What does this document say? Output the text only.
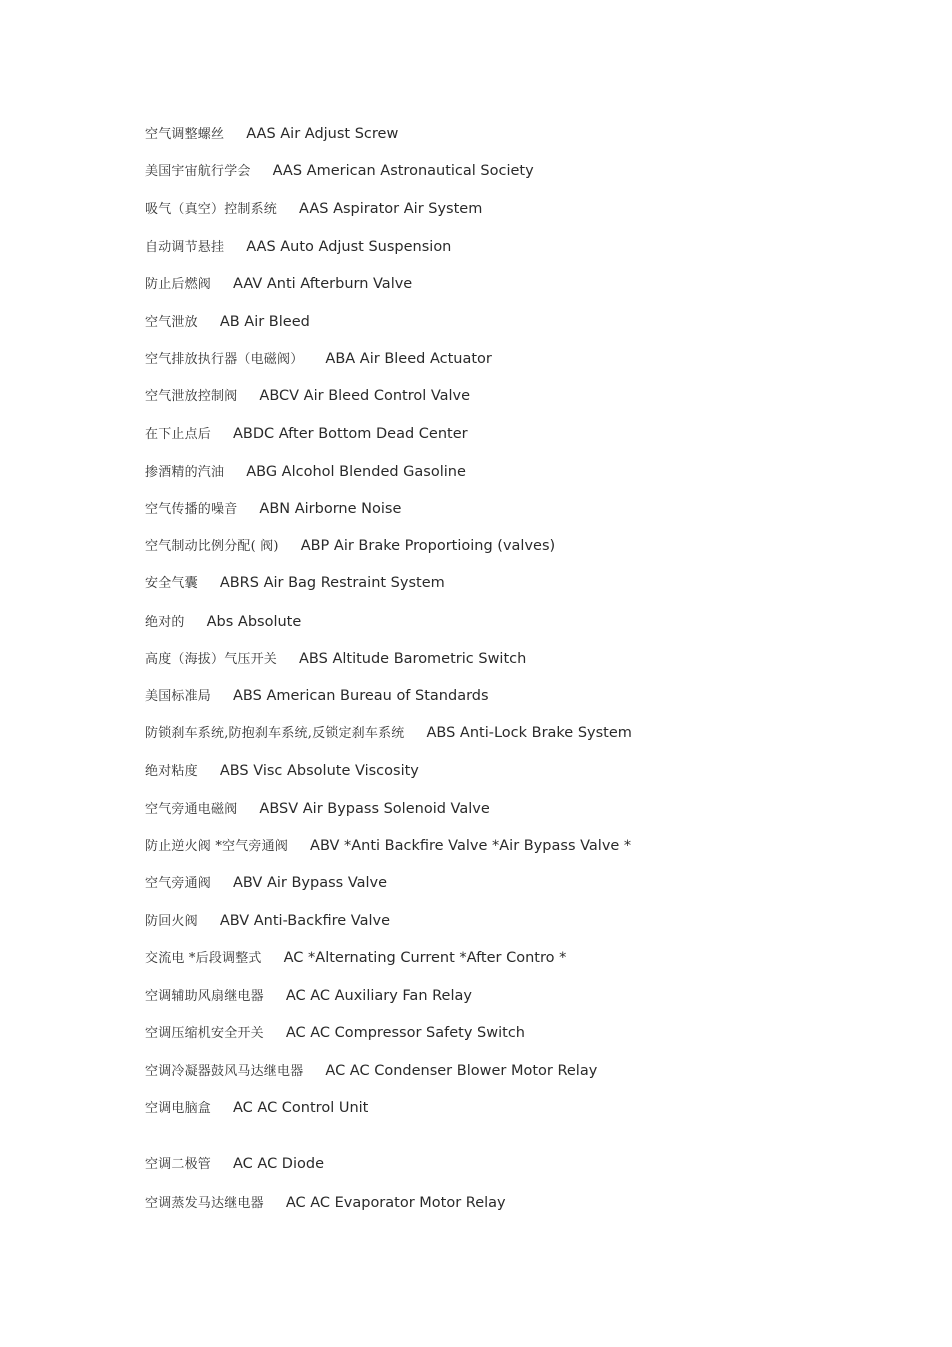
空气调整螺丝 AAS Air Adjust Screw
美国宇宙航行学会 AAS American Astronautical Society
吸气（真空）控制系统 AAS Aspirator Air System
自动调节悬挂 AAS Auto Adjust Suspension
防止后燃阀 AAV Anti Afterburn Valve
空气泄放 AB Air Bleed
空气排放执行器（电磁阀） ABA Air Bleed Actuator
空气泄放控制阀 ABCV Air Bleed Control Valve
在下止点后 ABDC After Bottom Dead Center
掺酒精的汽油 ABG Alcohol Blended Gasoline
空气传播的噪音 ABN Airborne Noise
空气制动比例分配( 阀) ABP Air Brake Proportioing (valves)
安全气囊 ABRS Air Bag Restraint System
绝对的 Abs Absolute
高度（海拔）气压开关 ABS Altitude Barometric Switch
美国标准局 ABS American Bureau of Standards
防锁刹车系统,防抱刹车系统,反锁定刹车系统 ABS Anti-Lock Brake System
绝对粘度 ABS Visc Absolute Viscosity
空气旁通电磁阀 ABSV Air Bypass Solenoid Valve
防止逆火阀 *空气旁通阀 ABV *Anti Backfire Valve *Air Bypass Valve *
空气旁通阀 ABV Air Bypass Valve
防回火阀 ABV Anti-Backfire Valve
交流电 *后段调整式 AC *Alternating Current *After Contro *
空调辅助风扇继电器 AC AC Auxiliary Fan Relay
空调压缩机安全开关 AC AC Compressor Safety Switch
空调冷凝器鼓风马达继电器 AC AC Condenser Blower Motor Relay
空调电脑盒 AC AC Control Unit
空调二极管 AC AC Diode
空调蒸发马达继电器 AC AC Evaporator Motor Relay
